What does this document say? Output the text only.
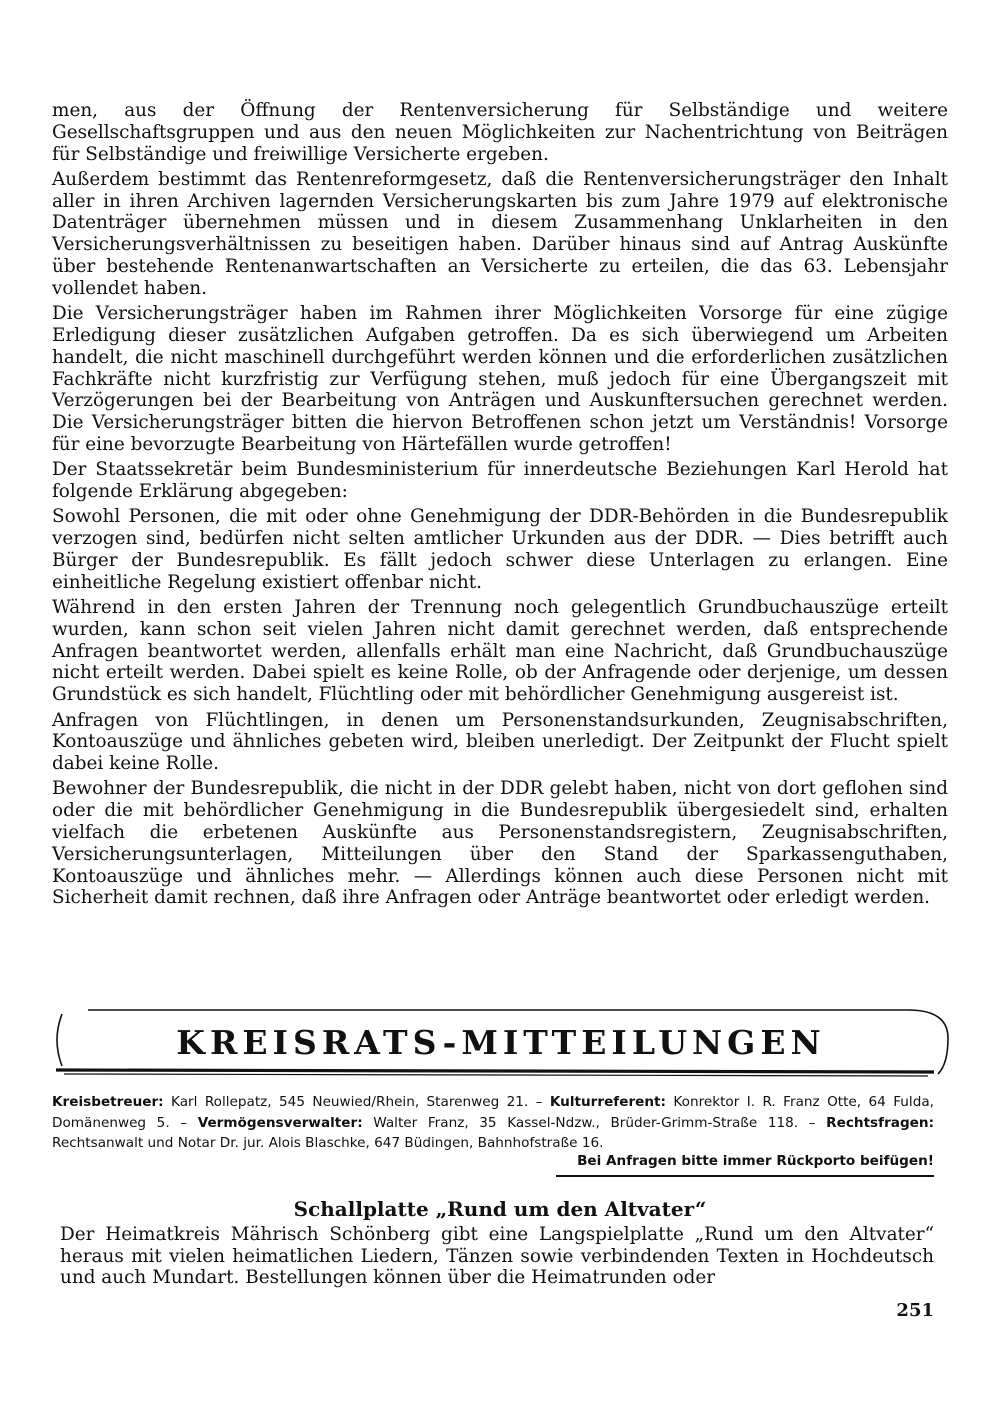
men, aus der Öffnung der Rentenversicherung für Selbständige und weitere Gesellschaftsgruppen und aus den neuen Möglichkeiten zur Nachentrichtung von Beiträgen für Selbständige und freiwillige Versicherte ergeben.

Außerdem bestimmt das Rentenreformgesetz, daß die Rentenversicherungsträger den Inhalt aller in ihren Archiven lagernden Versicherungskarten bis zum Jahre 1979 auf elektronische Datenträger übernehmen müssen und in diesem Zusammenhang Unklarheiten in den Versicherungsverhältnissen zu beseitigen haben. Darüber hinaus sind auf Antrag Auskünfte über bestehende Rentenanwartschaften an Versicherte zu erteilen, die das 63. Lebensjahr vollendet haben.

Die Versicherungsträger haben im Rahmen ihrer Möglichkeiten Vorsorge für eine zügige Erledigung dieser zusätzlichen Aufgaben getroffen. Da es sich überwiegend um Arbeiten handelt, die nicht maschinell durchgeführt werden können und die erforderlichen zusätzlichen Fachkräfte nicht kurzfristig zur Verfügung stehen, muß jedoch für eine Übergangszeit mit Verzögerungen bei der Bearbeitung von Anträgen und Auskunftersuchen gerechnet werden. Die Versicherungsträger bitten die hiervon Betroffenen schon jetzt um Verständnis! Vorsorge für eine bevorzugte Bearbeitung von Härtefällen wurde getroffen!

Der Staatssekretär beim Bundesministerium für innerdeutsche Beziehungen Karl Herold hat folgende Erklärung abgegeben:

Sowohl Personen, die mit oder ohne Genehmigung der DDR-Behörden in die Bundesrepublik verzogen sind, bedürfen nicht selten amtlicher Urkunden aus der DDR. — Dies betrifft auch Bürger der Bundesrepublik. Es fällt jedoch schwer diese Unterlagen zu erlangen. Eine einheitliche Regelung existiert offenbar nicht.

Während in den ersten Jahren der Trennung noch gelegentlich Grundbuchauszüge erteilt wurden, kann schon seit vielen Jahren nicht damit gerechnet werden, daß entsprechende Anfragen beantwortet werden, allenfalls erhält man eine Nachricht, daß Grundbuchauszüge nicht erteilt werden. Dabei spielt es keine Rolle, ob der Anfragende oder derjenige, um dessen Grundstück es sich handelt, Flüchtling oder mit behördlicher Genehmigung ausgereist ist.

Anfragen von Flüchtlingen, in denen um Personenstandsurkunden, Zeugnisabschriften, Kontoauszüge und ähnliches gebeten wird, bleiben unerledigt. Der Zeitpunkt der Flucht spielt dabei keine Rolle.

Bewohner der Bundesrepublik, die nicht in der DDR gelebt haben, nicht von dort geflohen sind oder die mit behördlicher Genehmigung in die Bundesrepublik übergesiedelt sind, erhalten vielfach die erbetenen Auskünfte aus Personenstandsregistern, Zeugnisabschriften, Versicherungsunterlagen, Mitteilungen über den Stand der Sparkassenguthaben, Kontoauszüge und ähnliches mehr. — Allerdings können auch diese Personen nicht mit Sicherheit damit rechnen, daß ihre Anfragen oder Anträge beantwortet oder erledigt werden.

KREISRATS-MITTEILUNGEN
Kreisbetreuer: Karl Rollepatz, 545 Neuwied/Rhein, Starenweg 21. – Kulturreferent: Konrektor I. R. Franz Otte, 64 Fulda, Domänenweg 5. – Vermögensverwalter: Walter Franz, 35 Kassel-Ndzw., Brüder-Grimm-Straße 118. – Rechtsfragen: Rechtsanwalt und Notar Dr. jur. Alois Blaschke, 647 Büdingen, Bahnhofstraße 16.
Bei Anfragen bitte immer Rückporto beifügen!
Schallplatte „Rund um den Altvater“

Der Heimatkreis Mährisch Schönberg gibt eine Langspielplatte „Rund um den Altvater“ heraus mit vielen heimatlichen Liedern, Tänzen sowie verbindenden Texten in Hochdeutsch und auch Mundart. Bestellungen können über die Heimatrunden oder

251
